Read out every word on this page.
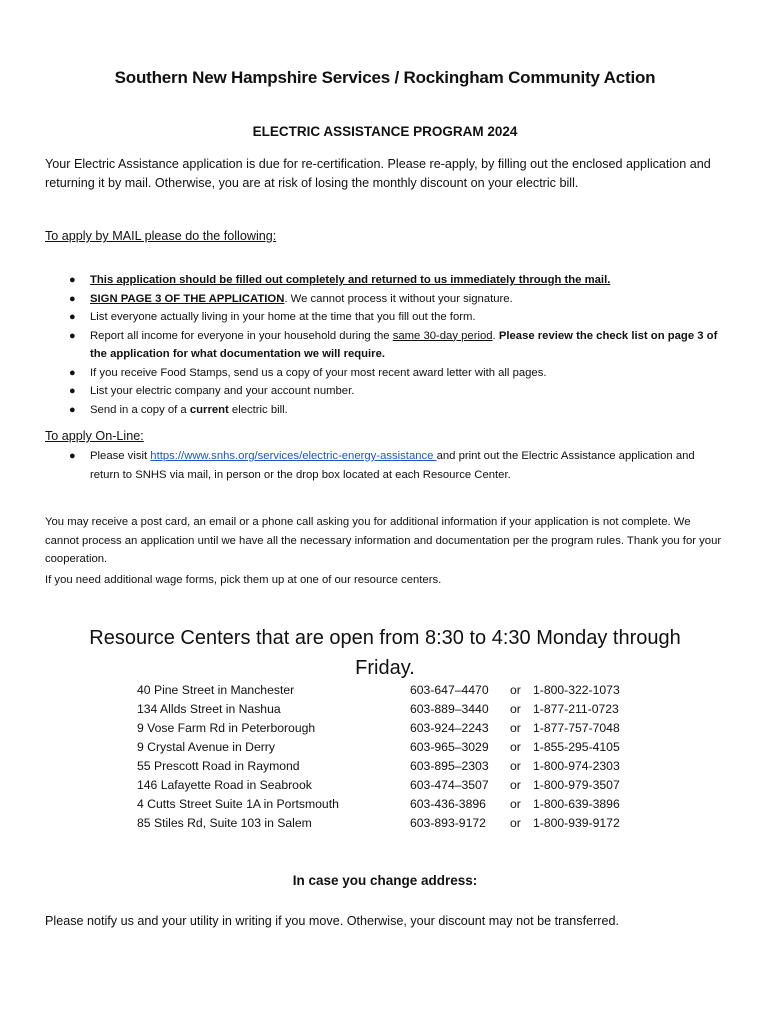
Southern New Hampshire Services / Rockingham Community Action
ELECTRIC ASSISTANCE PROGRAM 2024

Your Electric Assistance application is due for re-certification. Please re-apply, by filling out the enclosed application and returning it by mail. Otherwise, you are at risk of losing the monthly discount on your electric bill.

To apply by MAIL please do the following:

● This application should be filled out completely and returned to us immediately through the mail.
● SIGN PAGE 3 OF THE APPLICATION. We cannot process it without your signature.
● List everyone actually living in your home at the time that you fill out the form.
● Report all income for everyone in your household during the same 30-day period. Please review the check list on page 3 of the application for what documentation we will require.
● If you receive Food Stamps, send us a copy of your most recent award letter with all pages.
● List your electric company and your account number.
● Send in a copy of a current electric bill.

To apply On-Line:

● Please visit https://www.snhs.org/services/electric-energy-assistance and print out the Electric Assistance application and return to SNHS via mail, in person or the drop box located at each Resource Center.

You may receive a post card, an email or a phone call asking you for additional information if your application is not complete. We cannot process an application until we have all the necessary information and documentation per the program rules. Thank you for your cooperation.

If you need additional wage forms, pick them up at one of our resource centers.

Resource Centers that are open from 8:30 to 4:30 Monday through Friday.
40 Pine Street in Manchester	603-647–4470	or	1-800-322-1073
134 Allds Street in Nashua	603-889–3440	or	1-877-211-0723
9 Vose Farm Rd in Peterborough	603-924–2243	or	1-877-757-7048
9 Crystal Avenue in Derry	603-965–3029	or	1-855-295-4105
55 Prescott Road in Raymond	603-895–2303	or	1-800-974-2303
146 Lafayette Road in Seabrook	603-474–3507	or	1-800-979-3507
4 Cutts Street Suite 1A in Portsmouth	603-436-3896	or	1-800-639-3896
85 Stiles Rd, Suite 103 in Salem	603-893-9172	or	1-800-939-9172
In case you change address:

Please notify us and your utility in writing if you move. Otherwise, your discount may not be transferred.
